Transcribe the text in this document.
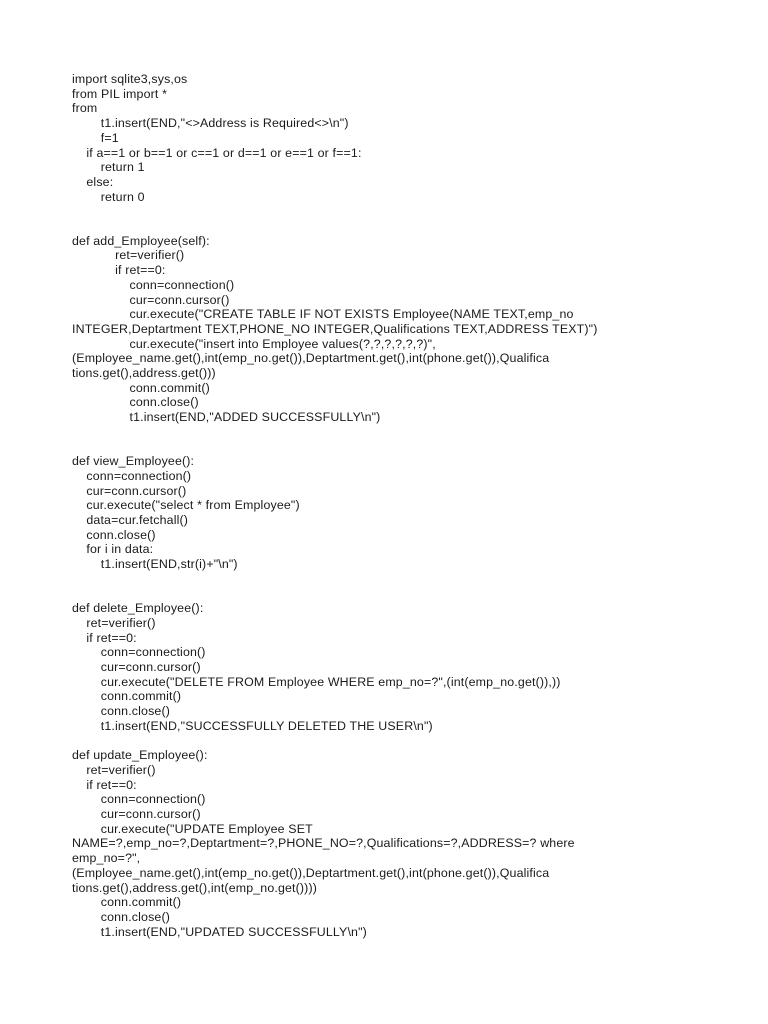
import sqlite3,sys,os
from PIL import *
from
t1.insert(END,"<>Address is Required<>\n")
f=1
if a==1 or b==1 or c==1 or d==1 or e==1 or f==1:
return 1
else:
return 0
def add_Employee(self):
ret=verifier()
if ret==0:
conn=connection()
cur=conn.cursor()
cur.execute("CREATE TABLE IF NOT EXISTS Employee(NAME TEXT,emp_no
INTEGER,Deptartment TEXT,PHONE_NO INTEGER,Qualifications TEXT,ADDRESS TEXT)")
cur.execute("insert into Employee values(?,?,?,?,?,?)",
(Employee_name.get(),int(emp_no.get()),Deptartment.get(),int(phone.get()),Qualifica
tions.get(),address.get()))
conn.commit()
conn.close()
t1.insert(END,"ADDED SUCCESSFULLY\n")
def view_Employee():
conn=connection()
cur=conn.cursor()
cur.execute("select * from Employee")
data=cur.fetchall()
conn.close()
for i in data:
t1.insert(END,str(i)+"\n")
def delete_Employee():
ret=verifier()
if ret==0:
conn=connection()
cur=conn.cursor()
cur.execute("DELETE FROM Employee WHERE emp_no=?",(int(emp_no.get()),))
conn.commit()
conn.close()
t1.insert(END,"SUCCESSFULLY DELETED THE USER\n")
def update_Employee():
ret=verifier()
if ret==0:
conn=connection()
cur=conn.cursor()
cur.execute("UPDATE Employee SET
NAME=?,emp_no=?,Deptartment=?,PHONE_NO=?,Qualifications=?,ADDRESS=? where
emp_no=?",
(Employee_name.get(),int(emp_no.get()),Deptartment.get(),int(phone.get()),Qualifica
tions.get(),address.get(),int(emp_no.get())))
conn.commit()
conn.close()
t1.insert(END,"UPDATED SUCCESSFULLY\n")
